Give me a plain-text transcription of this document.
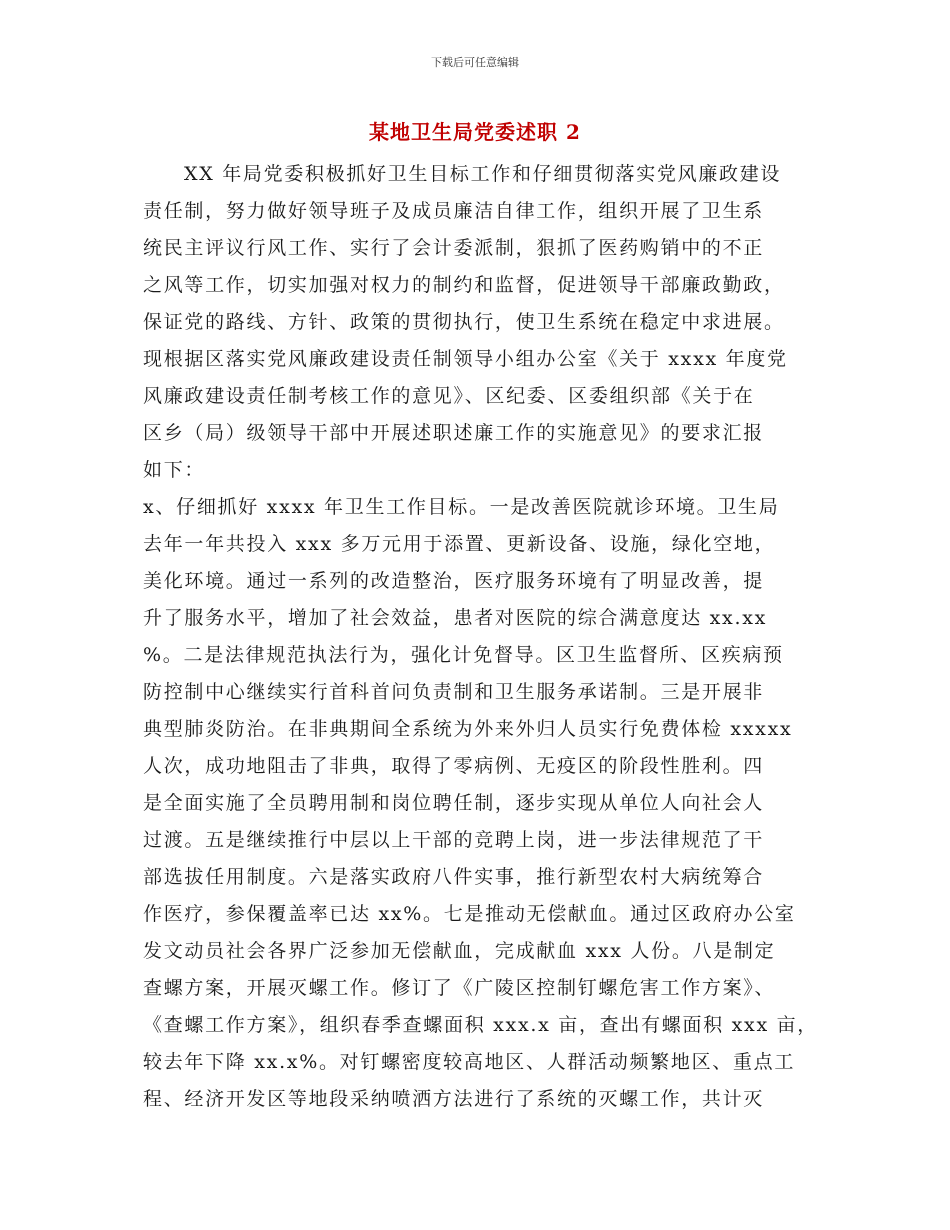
下载后可任意编辑
某地卫生局党委述职 2
XX 年局党委积极抓好卫生目标工作和仔细贯彻落实党风廉政建设
责任制，努力做好领导班子及成员廉洁自律工作，组织开展了卫生系
统民主评议行风工作、实行了会计委派制，狠抓了医药购销中的不正
之风等工作，切实加强对权力的制约和监督，促进领导干部廉政勤政，
保证党的路线、方针、政策的贯彻执行，使卫生系统在稳定中求进展。
现根据区落实党风廉政建设责任制领导小组办公室《关于 xxxx 年度党
风廉政建设责任制考核工作的意见》、区纪委、区委组织部《关于在
区乡（局）级领导干部中开展述职述廉工作的实施意见》的要求汇报
如下：
x、仔细抓好 xxxx 年卫生工作目标。一是改善医院就诊环境。卫生局
去年一年共投入 xxx 多万元用于添置、更新设备、设施，绿化空地，
美化环境。通过一系列的改造整治，医疗服务环境有了明显改善，提
升了服务水平，增加了社会效益，患者对医院的综合满意度达 xx.xx
%。二是法律规范执法行为，强化计免督导。区卫生监督所、区疾病预
防控制中心继续实行首科首问负责制和卫生服务承诺制。三是开展非
典型肺炎防治。在非典期间全系统为外来外归人员实行免费体检 xxxxx
人次，成功地阻击了非典，取得了零病例、无疫区的阶段性胜利。四
是全面实施了全员聘用制和岗位聘任制，逐步实现从单位人向社会人
过渡。五是继续推行中层以上干部的竞聘上岗，进一步法律规范了干
部选拔任用制度。六是落实政府八件实事，推行新型农村大病统筹合
作医疗，参保覆盖率已达 xx%。七是推动无偿献血。通过区政府办公室
发文动员社会各界广泛参加无偿献血，完成献血 xxx 人份。八是制定
查螺方案，开展灭螺工作。修订了《广陵区控制钉螺危害工作方案》、
《查螺工作方案》，组织春季查螺面积 xxx.x 亩，查出有螺面积 xxx 亩，
较去年下降 xx.x%。对钉螺密度较高地区、人群活动频繁地区、重点工
程、经济开发区等地段采纳喷洒方法进行了系统的灭螺工作，共计灭
